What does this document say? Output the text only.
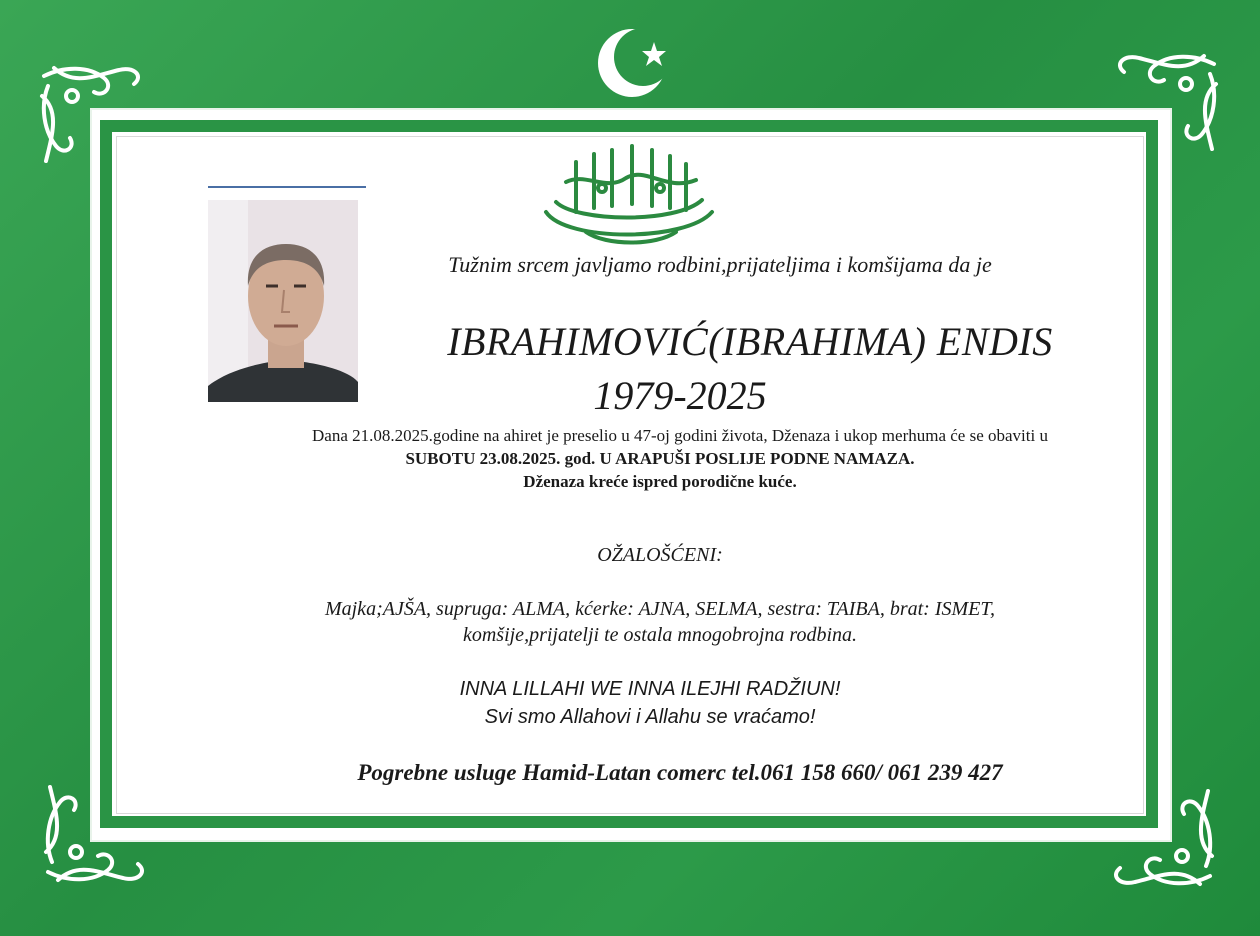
Tužnim srcem javljamo rodbini,prijateljima i komšijama da je

IBRAHIMOVIĆ(IBRAHIMA) ENDIS

1979-2025

Dana 21.08.2025.godine na ahiret je preselio u 47-oj godini života, Dženaza i ukop merhuma će se obaviti u

SUBOTU 23.08.2025. god. U ARAPUŠI POSLIJE PODNE NAMAZA.

Dženaza kreće ispred porodične kuće.

OŽALOŠĆENI:

Majka;AJŠA, supruga: ALMA, kćerke: AJNA, SELMA, sestra: TAIBA, brat: ISMET,

komšije,prijatelji te ostala mnogobrojna rodbina.

INNA LILLAHI WE INNA ILEJHI RADŽIUN!

Svi smo Allahovi i Allahu se vraćamo!

Pogrebne usluge Hamid-Latan comerc tel.061 158 660/ 061 239 427
